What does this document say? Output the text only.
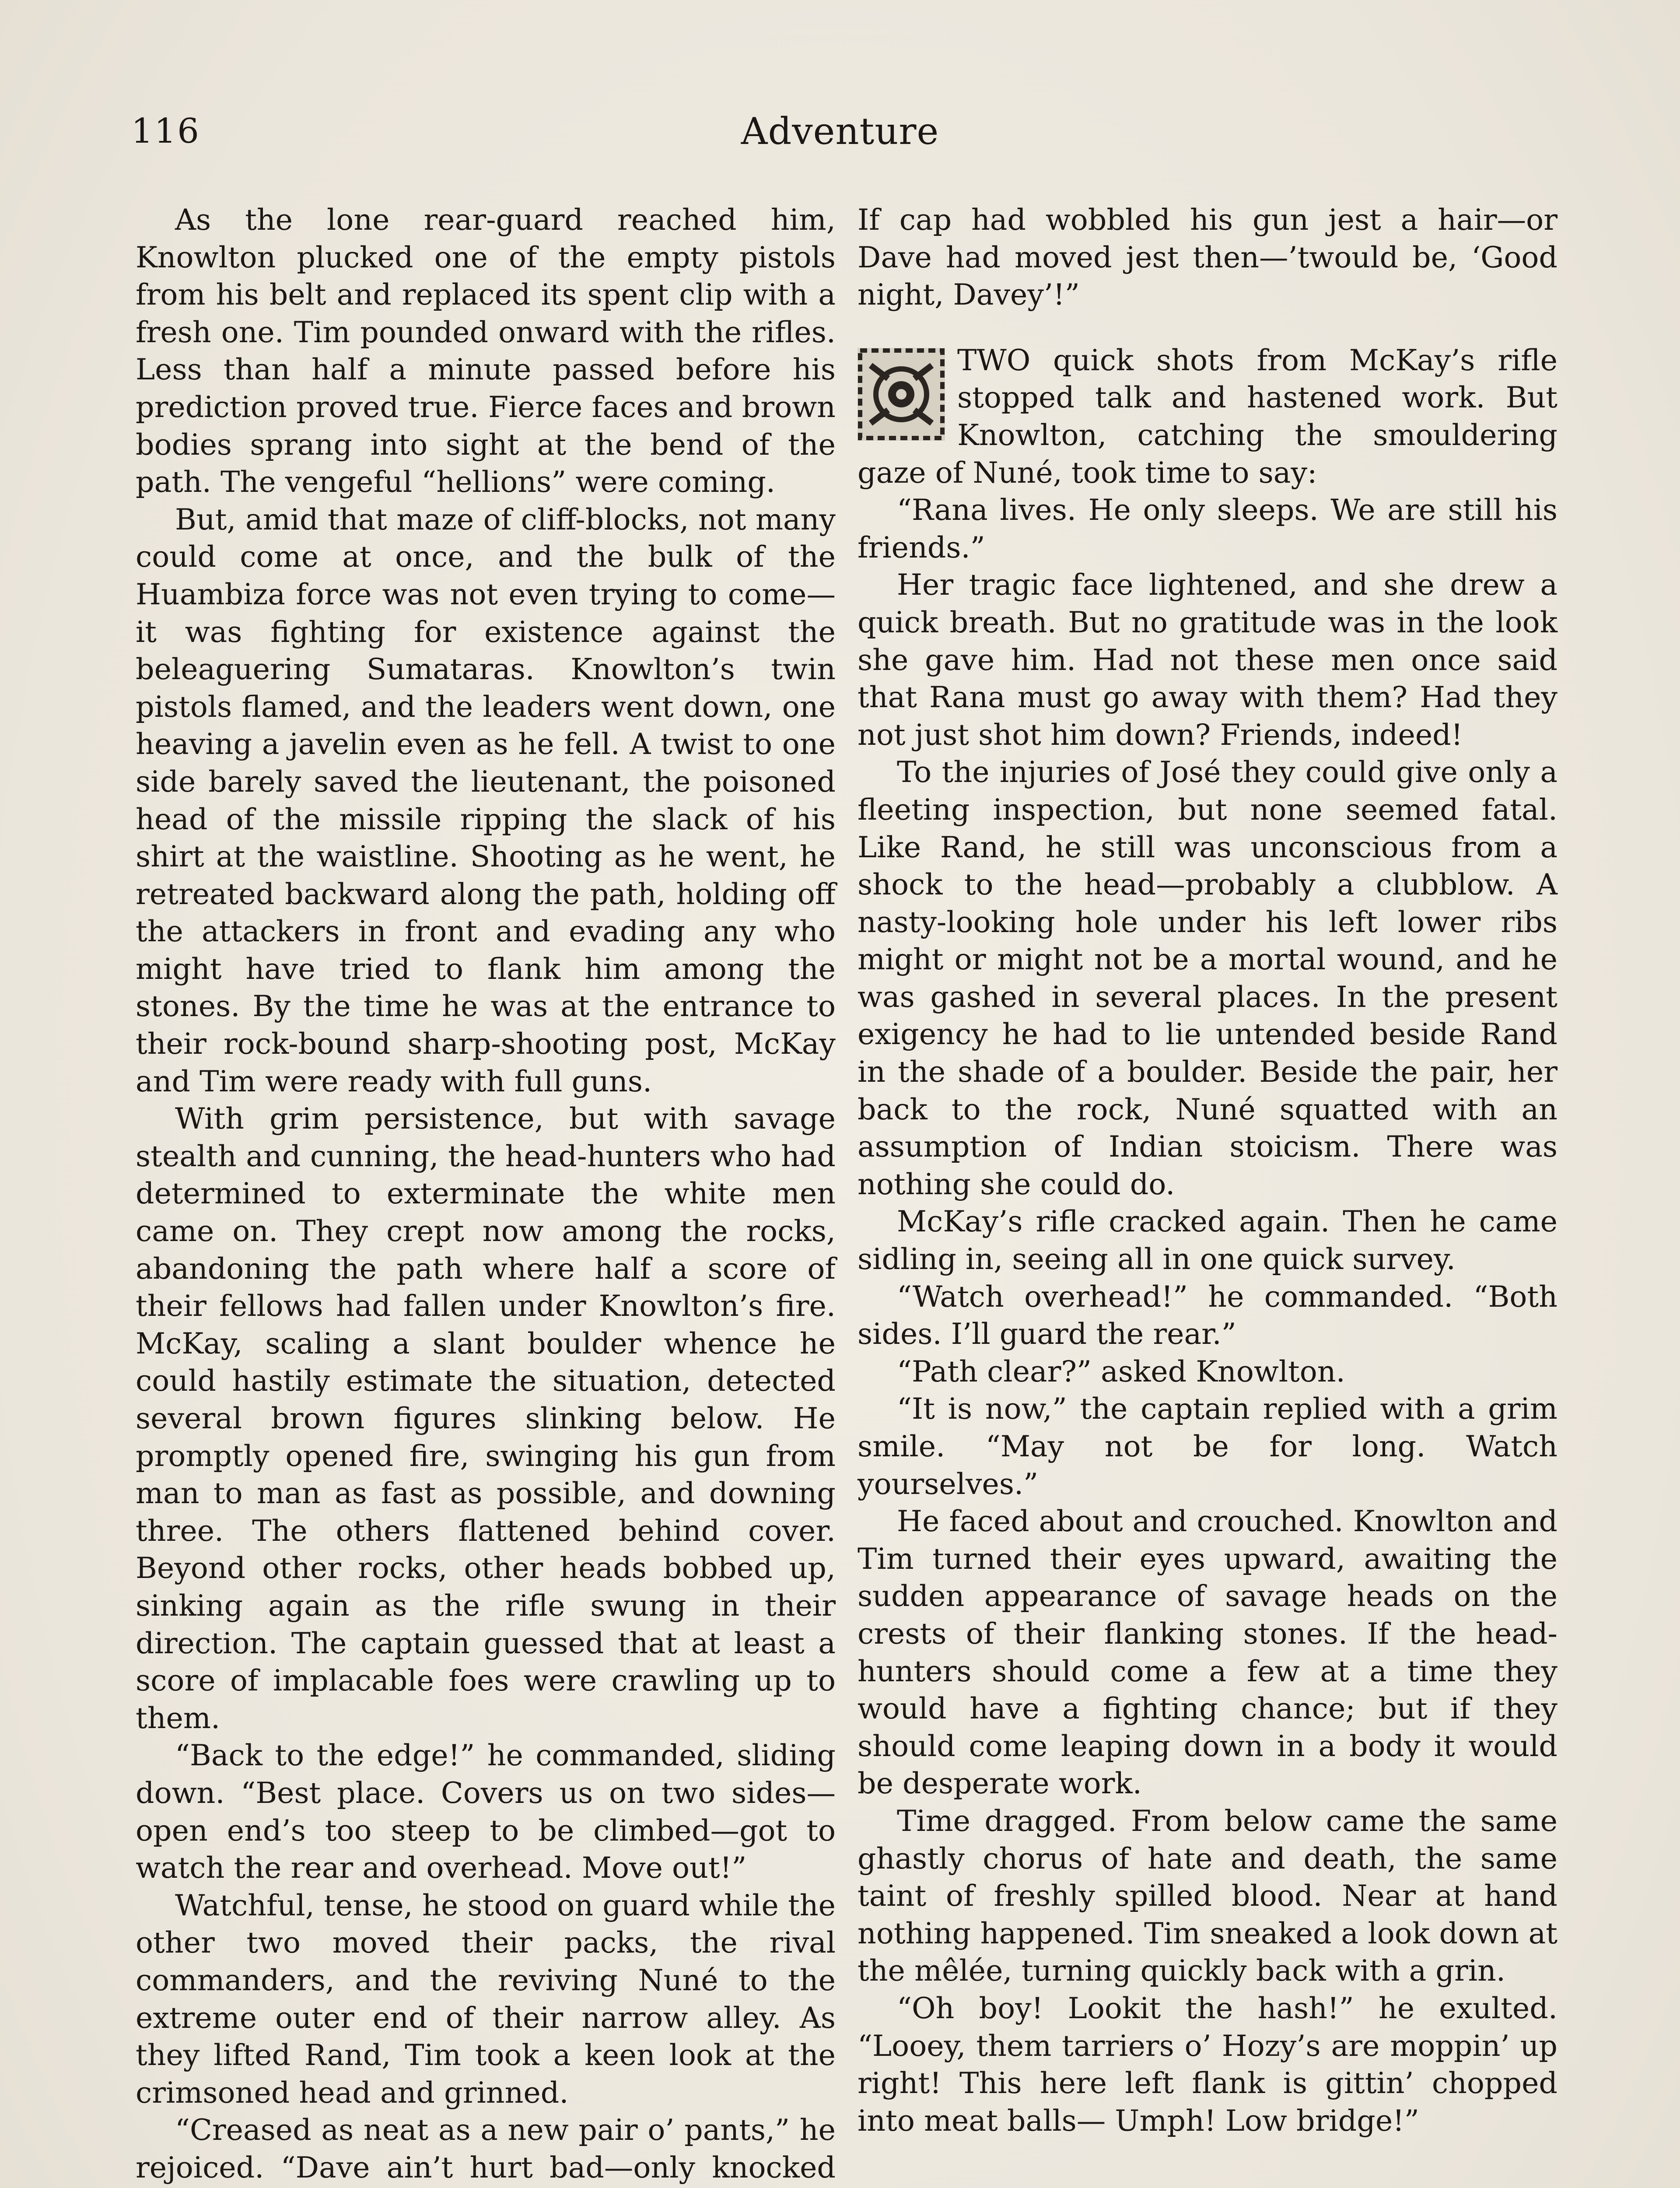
116	Adventure

As the lone rear-guard reached him, Knowlton plucked one of the empty pistols from his belt and replaced its spent clip with a fresh one. Tim pounded onward with the rifles. Less than half a minute passed before his prediction proved true. Fierce faces and brown bodies sprang into sight at the bend of the path. The vengeful “hellions” were coming.

But, amid that maze of cliff-blocks, not many could come at once, and the bulk of the Huambiza force was not even trying to come—it was fighting for existence against the beleaguering Sumataras. Knowlton’s twin pistols flamed, and the leaders went down, one heaving a javelin even as he fell. A twist to one side barely saved the lieutenant, the poisoned head of the missile ripping the slack of his shirt at the waistline. Shooting as he went, he retreated backward along the path, holding off the attackers in front and evading any who might have tried to flank him among the stones. By the time he was at the entrance to their rock-bound sharp-shooting post, McKay and Tim were ready with full guns.

With grim persistence, but with savage stealth and cunning, the head-hunters who had determined to exterminate the white men came on. They crept now among the rocks, abandoning the path where half a score of their fellows had fallen under Knowlton’s fire. McKay, scaling a slant boulder whence he could hastily estimate the situation, detected several brown figures slinking below. He promptly opened fire, swinging his gun from man to man as fast as possible, and downing three. The others flattened behind cover. Beyond other rocks, other heads bobbed up, sinking again as the rifle swung in their direction. The captain guessed that at least a score of implacable foes were crawling up to them.

“Back to the edge!” he commanded, sliding down. “Best place. Covers us on two sides—open end’s too steep to be climbed—got to watch the rear and overhead. Move out!”

Watchful, tense, he stood on guard while the other two moved their packs, the rival commanders, and the reviving Nuné to the extreme outer end of their narrow alley. As they lifted Rand, Tim took a keen look at the crimsoned head and grinned.

“Creased as neat as a new pair o’ pants,” he rejoiced. “Dave ain’t hurt bad—only knocked

If cap had wobbled his gun jest a hair—or Dave had moved jest then—’twould be, ‘Good night, Davey’!”

TWO quick shots from McKay’s rifle stopped talk and hastened work. But Knowlton, catching the smouldering gaze of Nuné, took time to say:

“Rana lives. He only sleeps. We are still his friends.”

Her tragic face lightened, and she drew a quick breath. But no gratitude was in the look she gave him. Had not these men once said that Rana must go away with them? Had they not just shot him down? Friends, indeed!

To the injuries of José they could give only a fleeting inspection, but none seemed fatal. Like Rand, he still was unconscious from a shock to the head—probably a clubblow. A nasty-looking hole under his left lower ribs might or might not be a mortal wound, and he was gashed in several places. In the present exigency he had to lie untended beside Rand in the shade of a boulder. Beside the pair, her back to the rock, Nuné squatted with an assumption of Indian stoicism. There was nothing she could do.

McKay’s rifle cracked again. Then he came sidling in, seeing all in one quick survey.

“Watch overhead!” he commanded. “Both sides. I’ll guard the rear.”

“Path clear?” asked Knowlton.

“It is now,” the captain replied with a grim smile. “May not be for long. Watch yourselves.”

He faced about and crouched. Knowlton and Tim turned their eyes upward, awaiting the sudden appearance of savage heads on the crests of their flanking stones. If the head-hunters should come a few at a time they would have a fighting chance; but if they should come leaping down in a body it would be desperate work.

Time dragged. From below came the same ghastly chorus of hate and death, the same taint of freshly spilled blood. Near at hand nothing happened. Tim sneaked a look down at the mêlée, turning quickly back with a grin.

“Oh boy! Lookit the hash!” he exulted. “Looey, them tarriers o’ Hozy’s are moppin’ up right! This here left flank is gittin’ chopped into meat balls— Umph! Low bridge!”
